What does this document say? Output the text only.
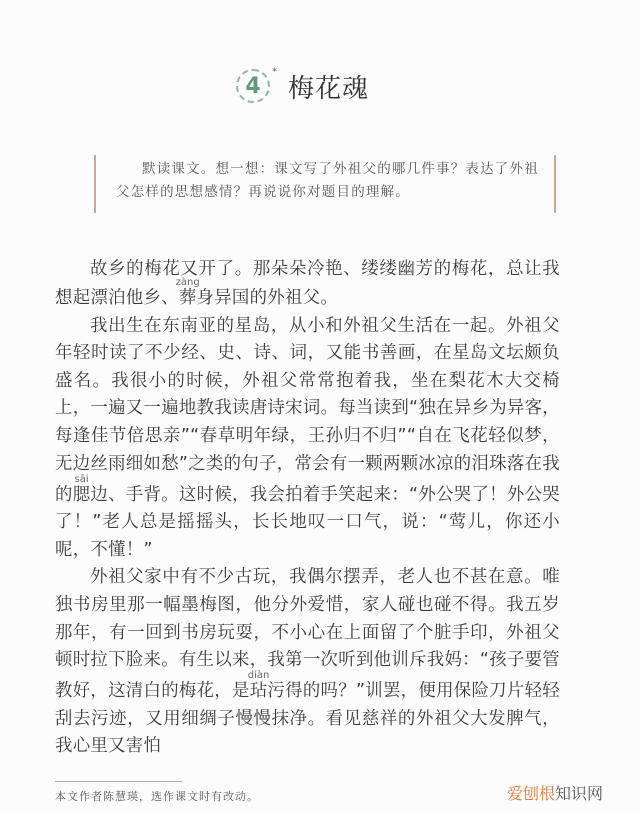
4
*
梅花魂
默读课文。想一想：课文写了外祖父的哪几件事？表达了外祖父怎样的思想感情？再说说你对题目的理解。

故乡的梅花又开了。那朵朵冷艳、缕缕幽芳的梅花，总让我想起漂泊他乡、葬zàng身异国的外祖父。

我出生在东南亚的星岛，从小和外祖父生活在一起。外祖父年轻时读了不少经、史、诗、词，又能书善画，在星岛文坛颇负盛名。我很小的时候，外祖父常常抱着我，坐在梨花木大交椅上，一遍又一遍地教我读唐诗宋词。每当读到“独在异乡为异客，每逢佳节倍思亲”“春草明年绿，王孙归不归”“自在飞花轻似梦，无边丝雨细如愁”之类的句子，常会有一颗两颗冰凉的泪珠落在我的腮sāi边、手背。这时候，我会拍着手笑起来：“外公哭了！外公哭了！”老人总是摇摇头，长长地叹一口气，说：“莺儿，你还小呢，不懂！”

外祖父家中有不少古玩，我偶尔摆弄，老人也不甚在意。唯独书房里那一幅墨梅图，他分外爱惜，家人碰也碰不得。我五岁那年，有一回到书房玩耍，不小心在上面留了个脏手印，外祖父顿时拉下脸来。有生以来，我第一次听到他训斥我妈：“孩子要管教好，这清白的梅花，是玷diàn污得的吗？”训罢，便用保险刀片轻轻刮去污迹，又用细绸子慢慢抹净。看见慈祥的外祖父大发脾气，我心里又害怕

本文作者陈慧瑛，选作课文时有改动。	爱刨根知识网
